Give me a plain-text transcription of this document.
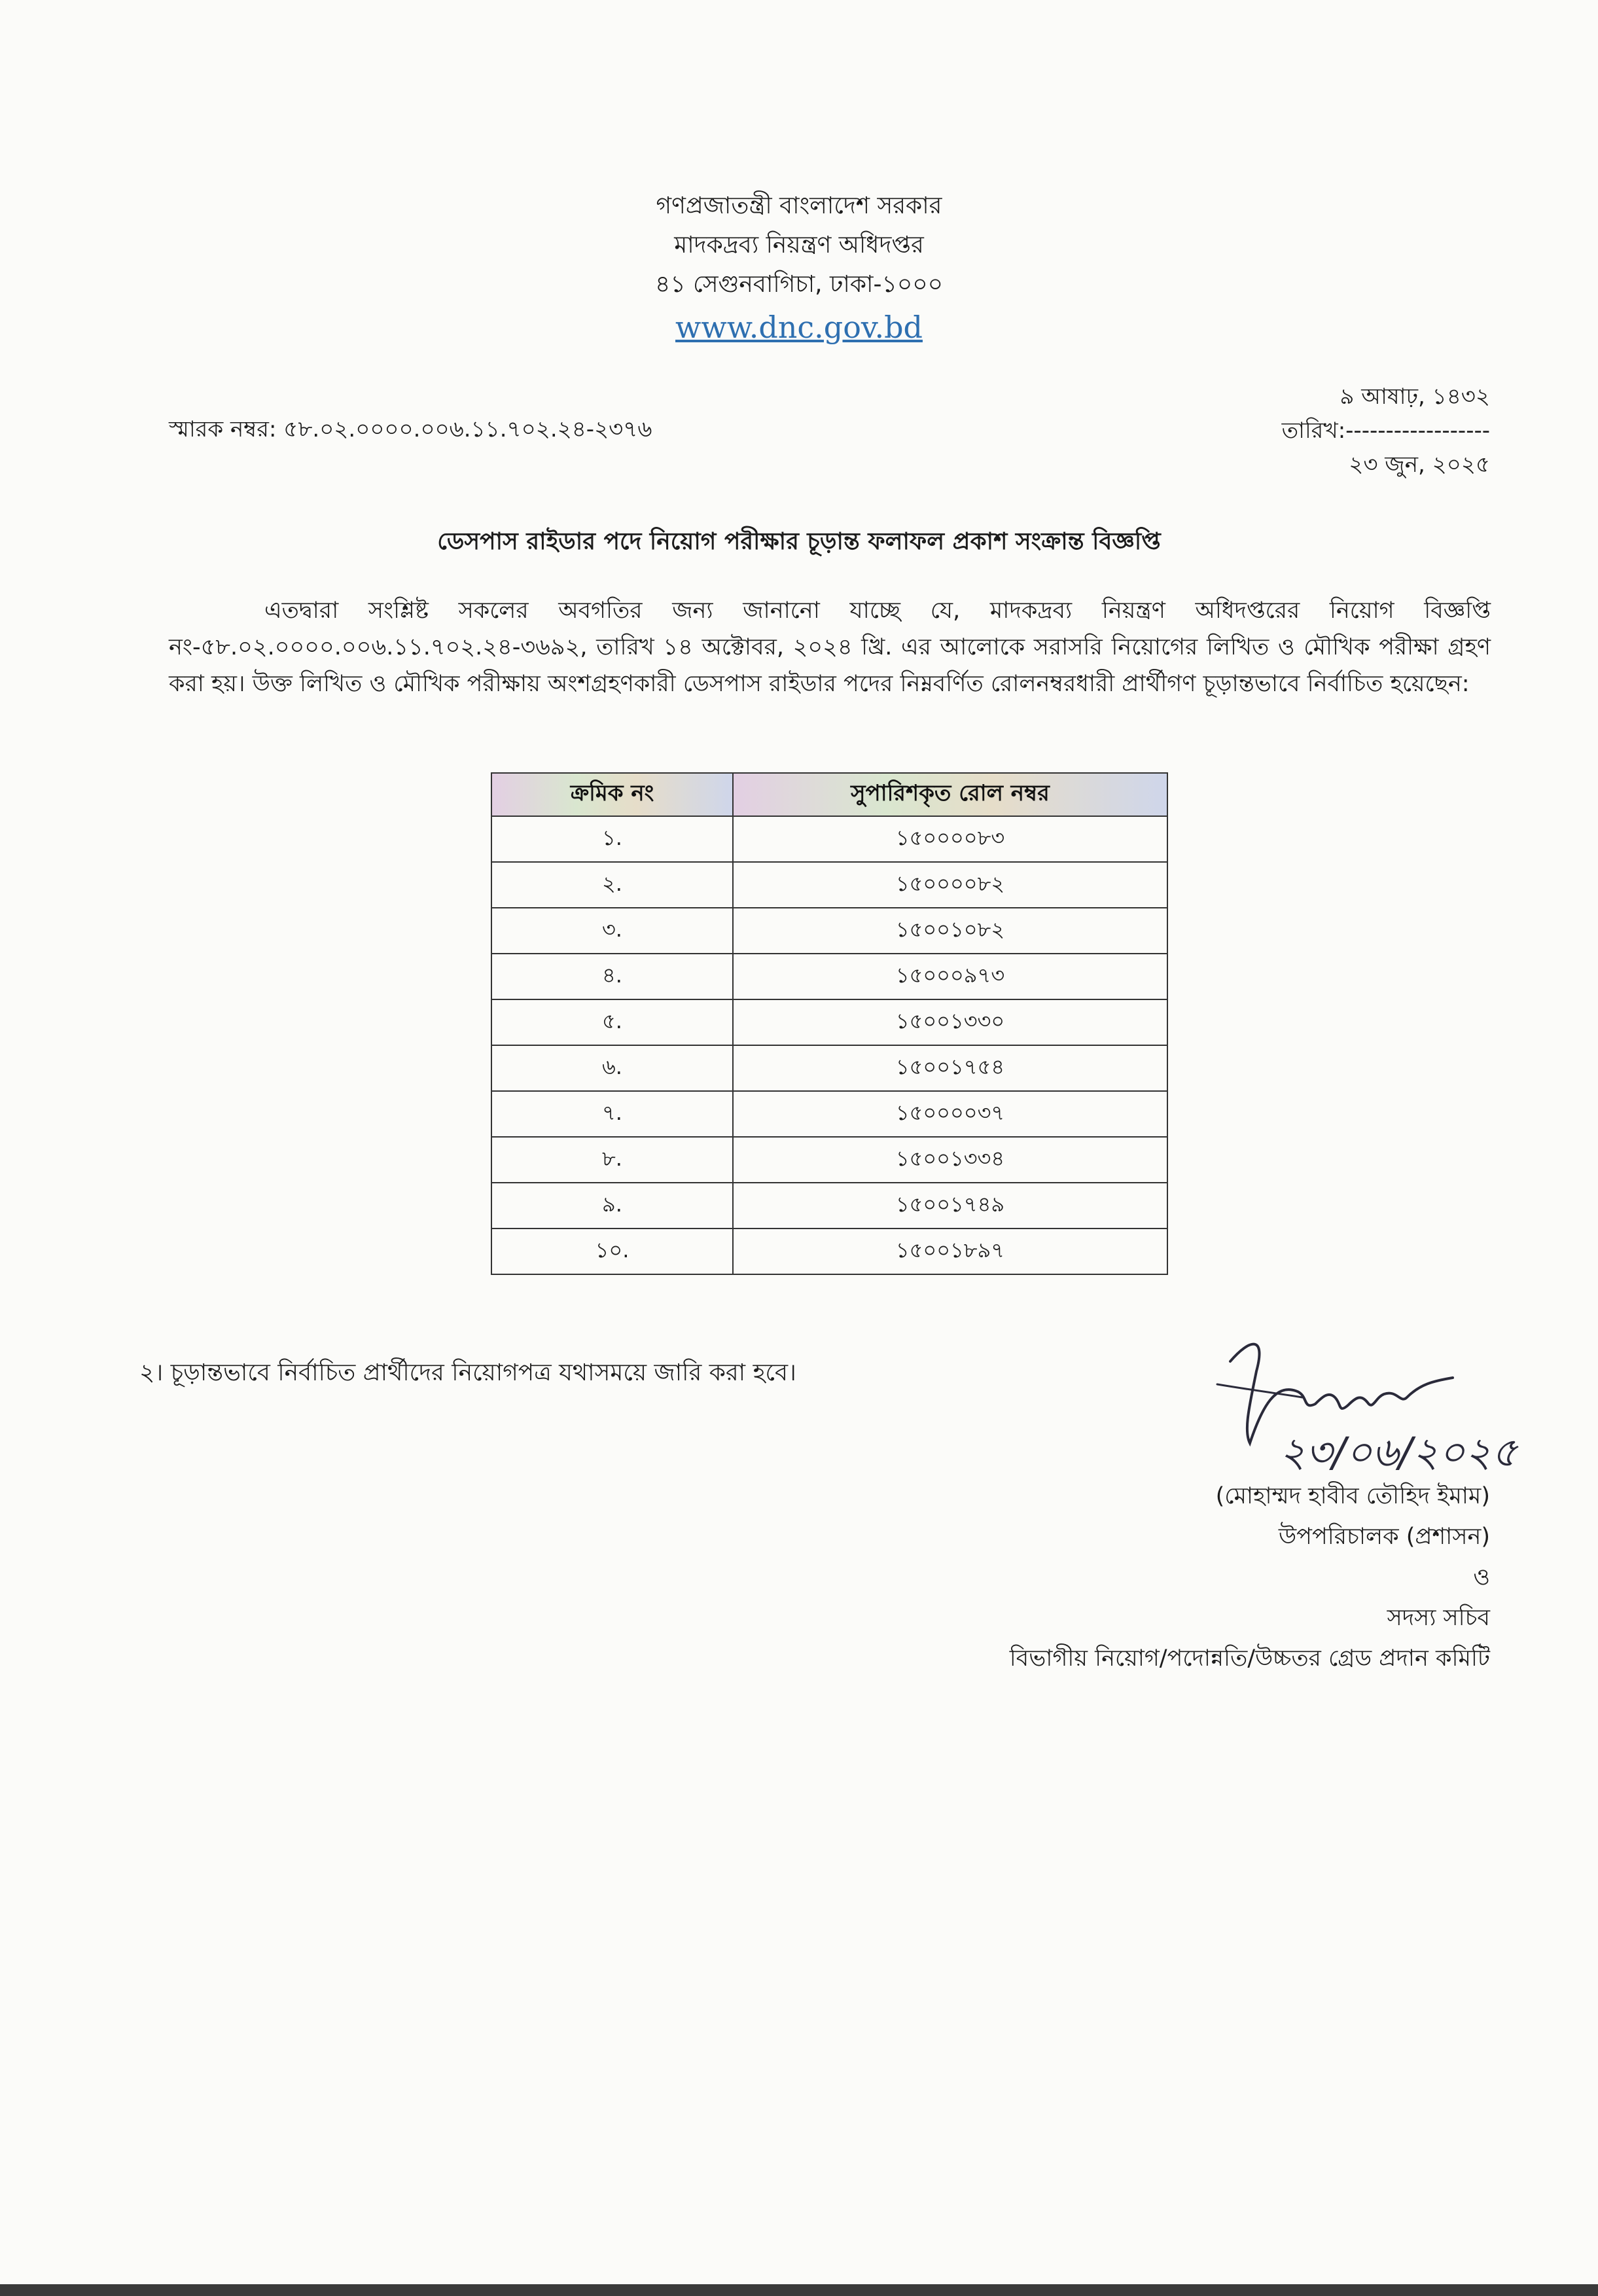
গণপ্রজাতন্ত্রী বাংলাদেশ সরকার
মাদকদ্রব্য নিয়ন্ত্রণ অধিদপ্তর
৪১ সেগুনবাগিচা, ঢাকা-১০০০
www.dnc.gov.bd
স্মারক নম্বর: ৫৮.০২.০০০০.০০৬.১১.৭০২.২৪-২৩৭৬
৯ আষাঢ়, ১৪৩২
তারিখ:------------------
২৩ জুন, ২০২৫
ডেসপাস রাইডার পদে নিয়োগ পরীক্ষার চূড়ান্ত ফলাফল প্রকাশ সংক্রান্ত বিজ্ঞপ্তি
এতদ্বারা সংশ্লিষ্ট সকলের অবগতির জন্য জানানো যাচ্ছে যে, মাদকদ্রব্য নিয়ন্ত্রণ অধিদপ্তরের নিয়োগ বিজ্ঞপ্তি নং-৫৮.০২.০০০০.০০৬.১১.৭০২.২৪-৩৬৯২, তারিখ ১৪ অক্টোবর, ২০২৪ খ্রি. এর আলোকে সরাসরি নিয়োগের লিখিত ও মৌখিক পরীক্ষা গ্রহণ করা হয়। উক্ত লিখিত ও মৌখিক পরীক্ষায় অংশগ্রহণকারী ডেসপাস রাইডার পদের নিম্নবর্ণিত রোলনম্বরধারী প্রার্থীগণ চূড়ান্তভাবে নির্বাচিত হয়েছেন:
ক্রমিক নং	সুপারিশকৃত রোল নম্বর
১.	১৫০০০০৮৩
২.	১৫০০০০৮২
৩.	১৫০০১০৮২
৪.	১৫০০০৯৭৩
৫.	১৫০০১৩৩০
৬.	১৫০০১৭৫৪
৭.	১৫০০০০৩৭
৮.	১৫০০১৩৩৪
৯.	১৫০০১৭৪৯
১০.	১৫০০১৮৯৭
২। চূড়ান্তভাবে নির্বাচিত প্রার্থীদের নিয়োগপত্র যথাসময়ে জারি করা হবে।
২৩/০৬/২০২৫
(মোহাম্মদ হাবীব তৌহিদ ইমাম)
উপপরিচালক (প্রশাসন)
ও
সদস্য সচিব
বিভাগীয় নিয়োগ/পদোন্নতি/উচ্চতর গ্রেড প্রদান কমিটি
